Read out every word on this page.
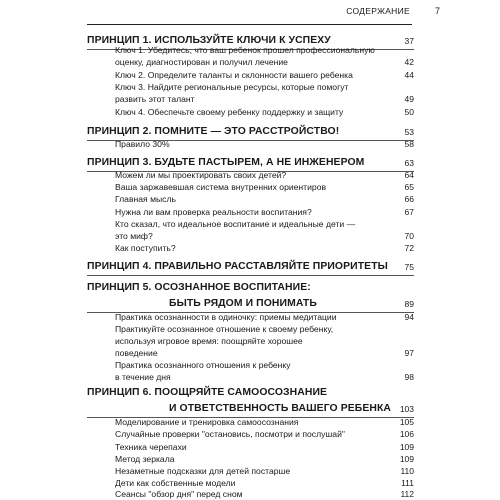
СОДЕРЖАНИЕ	7
ПРИНЦИП 1. ИСПОЛЬЗУЙТЕ КЛЮЧИ К УСПЕХУ	37
Ключ 1. Убедитесь, что ваш ребенок прошел профессиональную
оценку, диагностирован и получил лечение	42
Ключ 2. Определите таланты и склонности вашего ребенка	44
Ключ 3. Найдите региональные ресурсы, которые помогут
развить этот талант	49
Ключ 4. Обеспечьте своему ребенку поддержку и защиту	50
ПРИНЦИП 2. ПОМНИТЕ — ЭТО РАССТРОЙСТВО!	53
Правило 30%	58
ПРИНЦИП 3. БУДЬТЕ ПАСТЫРЕМ, А НЕ ИНЖЕНЕРОМ	63
Можем ли мы проектировать своих детей?	64
Ваша заржавевшая система внутренних ориентиров	65
Главная мысль	66
Нужна ли вам проверка реальности воспитания?	67
Кто сказал, что идеальное воспитание и идеальные дети —
это миф?	70
Как поступить?	72
ПРИНЦИП 4. ПРАВИЛЬНО РАССТАВЛЯЙТЕ ПРИОРИТЕТЫ 75
ПРИНЦИП 5. ОСОЗНАННОЕ ВОСПИТАНИЕ:
БЫТЬ РЯДОМ И ПОНИМАТЬ	89
Практика осознанности в одиночку: приемы медитации	94
Практикуйте осознанное отношение к своему ребенку,
используя игровое время: поощряйте хорошее
поведение	97
Практика осознанного отношения к ребенку
в течение дня	98
ПРИНЦИП 6. ПООЩРЯЙТЕ САМООСОЗНАНИЕ
И ОТВЕТСТВЕННОСТЬ ВАШЕГО РЕБЕНКА 103
Моделирование и тренировка самоосознания	105
Случайные проверки "остановись, посмотри и послушай"	106
Техника черепахи	109
Метод зеркала	109
Незаметные подсказки для детей постарше	110
Дети как собственные модели	111
Сеансы "обзор дня" перед сном	112
